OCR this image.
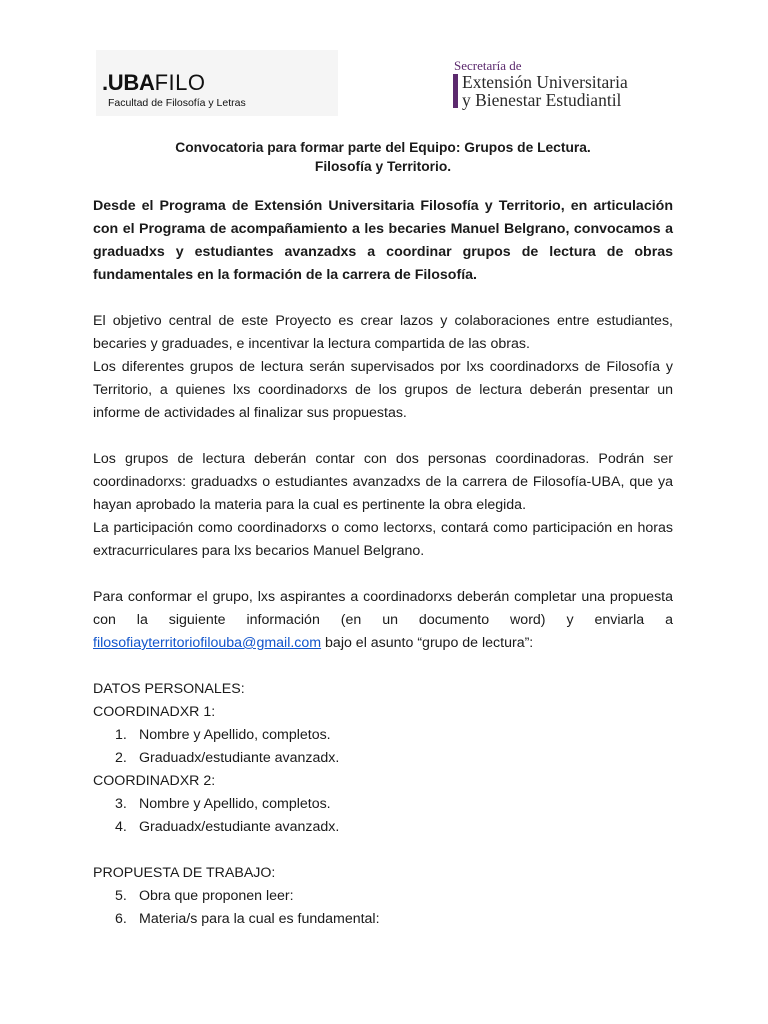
.UBAFILO
Facultad de Filosofía y Letras
Secretaría de
Extensión Universitaria
y Bienestar Estudiantil

Convocatoria para formar parte del Equipo: Grupos de Lectura.

Filosofía y Territorio.

Desde el Programa de Extensión Universitaria Filosofía y Territorio, en articulación con el Programa de acompañamiento a les becaries Manuel Belgrano, convocamos a graduadxs y estudiantes avanzadxs a coordinar grupos de lectura de obras fundamentales en la formación de la carrera de Filosofía.

El objetivo central de este Proyecto es crear lazos y colaboraciones entre estudiantes, becaries y graduades, e incentivar la lectura compartida de las obras.

Los diferentes grupos de lectura serán supervisados por lxs coordinadorxs de Filosofía y Territorio, a quienes lxs coordinadorxs de los grupos de lectura deberán presentar un informe de actividades al finalizar sus propuestas.

Los grupos de lectura deberán contar con dos personas coordinadoras. Podrán ser coordinadorxs: graduadxs o estudiantes avanzadxs de la carrera de Filosofía-UBA, que ya hayan aprobado la materia para la cual es pertinente la obra elegida.

La participación como coordinadorxs o como lectorxs, contará como participación en horas extracurriculares para lxs becarios Manuel Belgrano.

Para conformar el grupo, lxs aspirantes a coordinadorxs deberán completar una propuesta con la siguiente información (en un documento word) y enviarla a
filosofiayterritoriofilouba@gmail.com bajo el asunto “grupo de lectura”:

DATOS PERSONALES:
COORDINADXR 1:
1. Nombre y Apellido, completos.
2. Graduadx/estudiante avanzadx.
COORDINADXR 2:
3. Nombre y Apellido, completos.
4. Graduadx/estudiante avanzadx.
PROPUESTA DE TRABAJO:
5. Obra que proponen leer:
6. Materia/s para la cual es fundamental:
